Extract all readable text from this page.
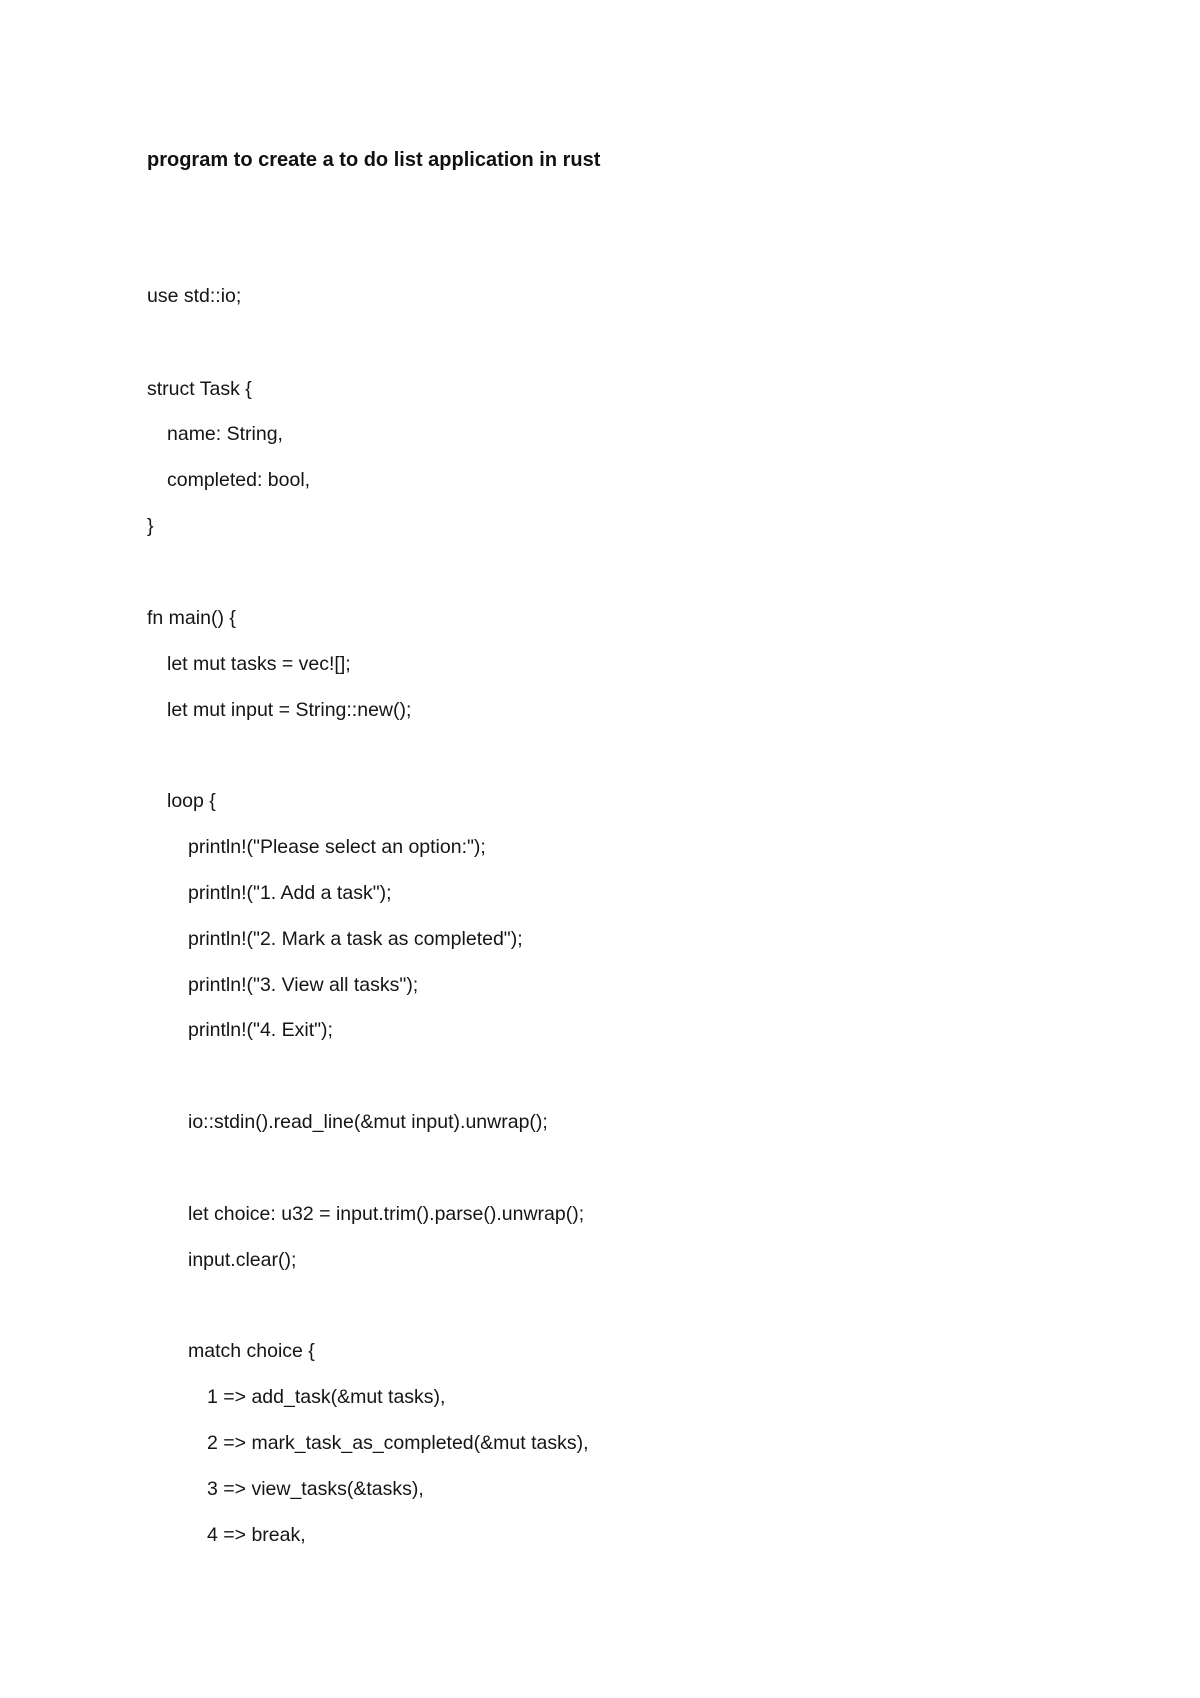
program to create a to do list application in rust
use std::io;
struct Task {
name: String,
completed: bool,
}
fn main() {
let mut tasks = vec![];
let mut input = String::new();
loop {
println!("Please select an option:");
println!("1. Add a task");
println!("2. Mark a task as completed");
println!("3. View all tasks");
println!("4. Exit");
io::stdin().read_line(&mut input).unwrap();
let choice: u32 = input.trim().parse().unwrap();
input.clear();
match choice {
1 => add_task(&mut tasks),
2 => mark_task_as_completed(&mut tasks),
3 => view_tasks(&tasks),
4 => break,
